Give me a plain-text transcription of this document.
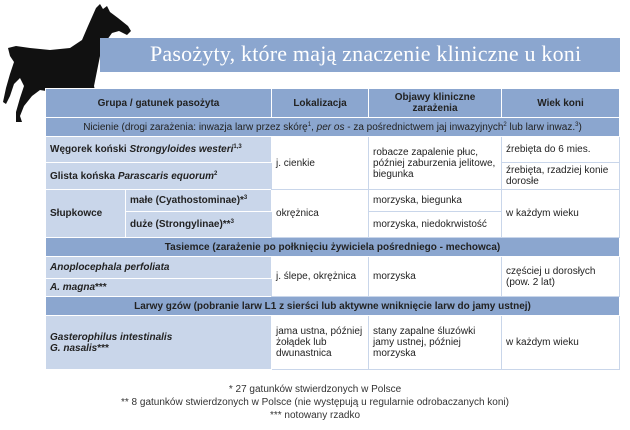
Pasożyty, które mają znaczenie kliniczne u koni
Grupa / gatunek pasożyta		Lokalizacja	Objawy kliniczne zarażenia	Wiek koni
Nicienie (drogi zarażenia: inwazja larw przez skórę$^1$, per os - za pośrednictwem jaj inwazyjnych$^2$ lub larw inwaz.$^3$)				
Węgorek koński Strongyloides westeri$^{1,3}$		j. cienkie	robacze zapalenie płuc, później zaburzenia jelitowe, biegunka	źrebięta do 6 mies.
Glista końska Parascaris equorum$^2$				źrebięta, rzadziej konie dorosłe
Słupkowce	małe (Cyathostominae)*$^3$	okrężnica	morzyska, biegunka	w każdym wieku
	duże (Strongylinae)**$^3$		morzyska, niedokrwistość	
Tasiemce (zarażenie po połknięciu żywiciela pośredniego - mechowca)				
Anoplocephala perfoliata		j. ślepe, okrężnica	morzyska	częściej u dorosłych (pow. 2 lat)
A. magna***				
Larwy gzów (pobranie larw L1 z sierści lub aktywne wniknięcie larw do jamy ustnej)				
Gasterophilus intestinalis
G. nasalis***		jama ustna, później żołądek lub dwunastnica	stany zapalne śluzówki jamy ustnej, później morzyska	w każdym wieku
* 27 gatunków stwierdzonych w Polsce
** 8 gatunków stwierdzonych w Polsce (nie występują u regularnie odrobaczanych koni)
*** notowany rzadko
